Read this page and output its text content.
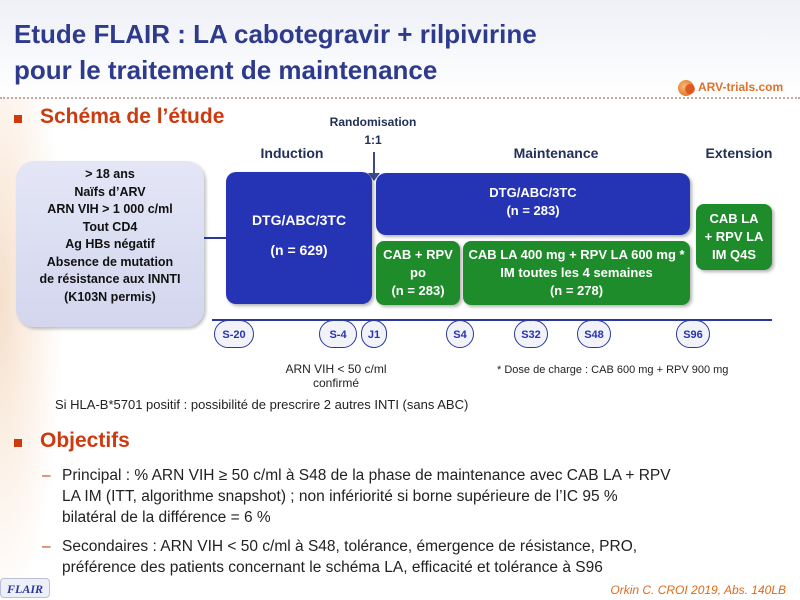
Etude FLAIR : LA cabotegravir + rilpivirine
pour le traitement de maintenance
ARV-trials.com
Schéma de l’étude	Randomisation
1:1
Induction	Maintenance	Extension
> 18 ans
Naïfs d’ARV
ARN VIH > 1 000 c/ml
Tout CD4
Ag HBs négatif
Absence de mutation
de résistance aux INNTI
(K103N permis)
DTG/ABC/3TC
(n = 629)
DTG/ABC/3TC
(n = 283)
CAB + RPV
po
(n = 283)
CAB LA 400 mg + RPV LA 600 mg *
IM toutes les 4 semaines
(n = 278)
CAB LA
+ RPV LA
IM Q4S
S-20	S-4	J1	S4	S32	S48	S96
ARN VIH < 50 c/ml
confirmé
* Dose de charge : CAB 600 mg + RPV 900 mg
Si HLA-B*5701 positif : possibilité de prescrire 2 autres INTI (sans ABC)
Objectifs
– Principal : % ARN VIH ≥ 50 c/ml à S48 de la phase de maintenance avec CAB LA + RPV
LA IM (ITT, algorithme snapshot) ; non infériorité si borne supérieure de l’IC 95 %
bilatéral de la différence = 6 %
– Secondaires : ARN VIH < 50 c/ml à S48, tolérance, émergence de résistance, PRO,
préférence des patients concernant le schéma LA, efficacité et tolérance à S96
FLAIR	Orkin C. CROI 2019, Abs. 140LB
